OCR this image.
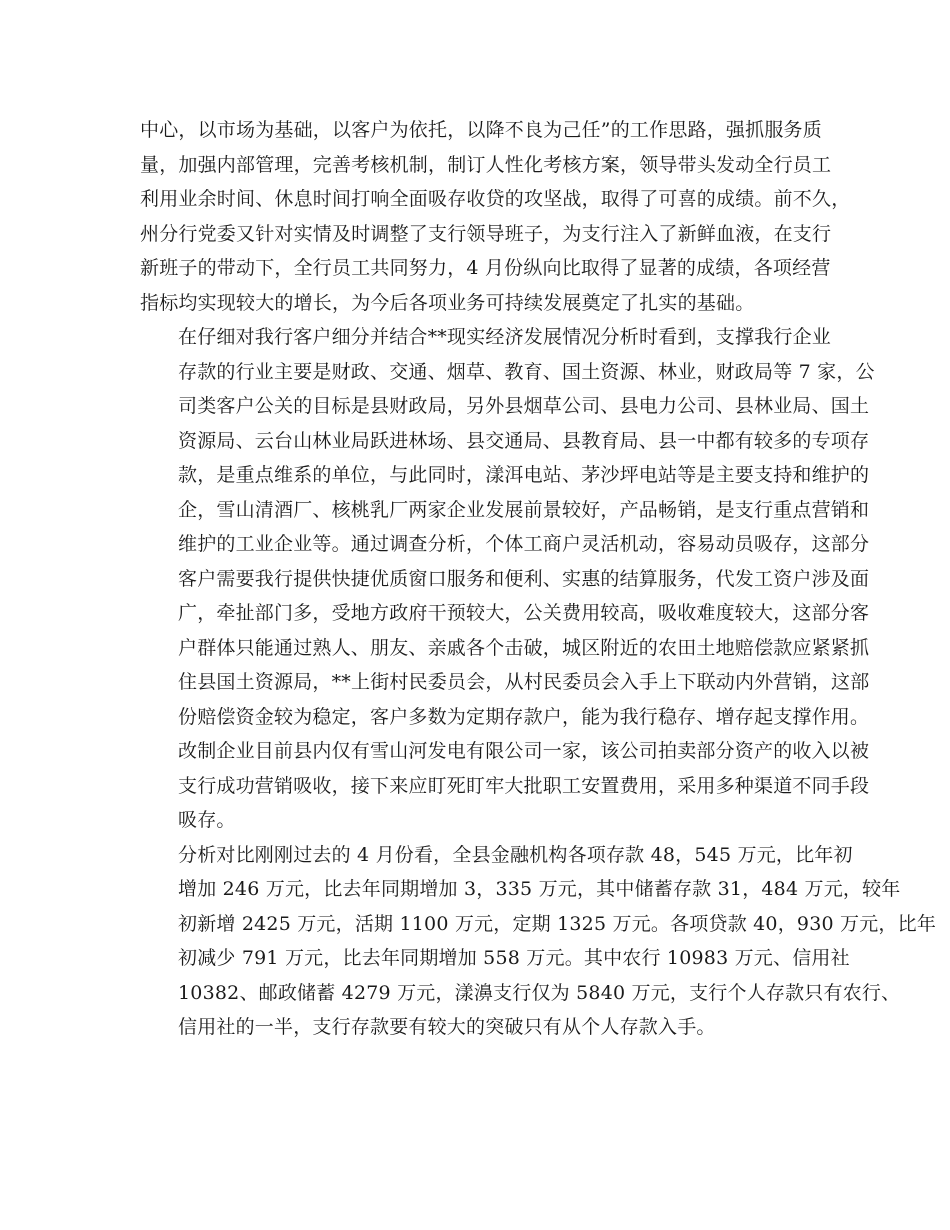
中心，以市场为基础，以客户为依托，以降不良为己任”的工作思路，强抓服务质
量，加强内部管理，完善考核机制，制订人性化考核方案，领导带头发动全行员工
利用业余时间、休息时间打响全面吸存收贷的攻坚战，取得了可喜的成绩。前不久，
州分行党委又针对实情及时调整了支行领导班子，为支行注入了新鲜血液，在支行
新班子的带动下，全行员工共同努力，4 月份纵向比取得了显著的成绩，各项经营
指标均实现较大的增长，为今后各项业务可持续发展奠定了扎实的基础。
在仔细对我行客户细分并结合**现实经济发展情况分析时看到，支撑我行企业
存款的行业主要是财政、交通、烟草、教育、国土资源、林业，财政局等 7 家，公
司类客户公关的目标是县财政局，另外县烟草公司、县电力公司、县林业局、国土
资源局、云台山林业局跃进林场、县交通局、县教育局、县一中都有较多的专项存
款，是重点维系的单位，与此同时，漾洱电站、茅沙坪电站等是主要支持和维护的
企，雪山清酒厂、核桃乳厂两家企业发展前景较好，产品畅销，是支行重点营销和
维护的工业企业等。通过调查分析，个体工商户灵活机动，容易动员吸存，这部分
客户需要我行提供快捷优质窗口服务和便利、实惠的结算服务，代发工资户涉及面
广，牵扯部门多，受地方政府干预较大，公关费用较高，吸收难度较大，这部分客
户群体只能通过熟人、朋友、亲戚各个击破，城区附近的农田土地赔偿款应紧紧抓
住县国土资源局，**上街村民委员会，从村民委员会入手上下联动内外营销，这部
份赔偿资金较为稳定，客户多数为定期存款户，能为我行稳存、增存起支撑作用。
改制企业目前县内仅有雪山河发电有限公司一家，该公司拍卖部分资产的收入以被
支行成功营销吸收，接下来应盯死盯牢大批职工安置费用，采用多种渠道不同手段
吸存。
分析对比刚刚过去的 4 月份看，全县金融机构各项存款 48，545 万元，比年初
增加 246 万元，比去年同期增加 3，335 万元，其中储蓄存款 31，484 万元，较年
初新增 2425 万元，活期 1100 万元，定期 1325 万元。各项贷款 40，930 万元，比年
初减少 791 万元，比去年同期增加 558 万元。其中农行 10983 万元、信用社
10382、邮政储蓄 4279 万元，漾濞支行仅为 5840 万元，支行个人存款只有农行、
信用社的一半，支行存款要有较大的突破只有从个人存款入手。
